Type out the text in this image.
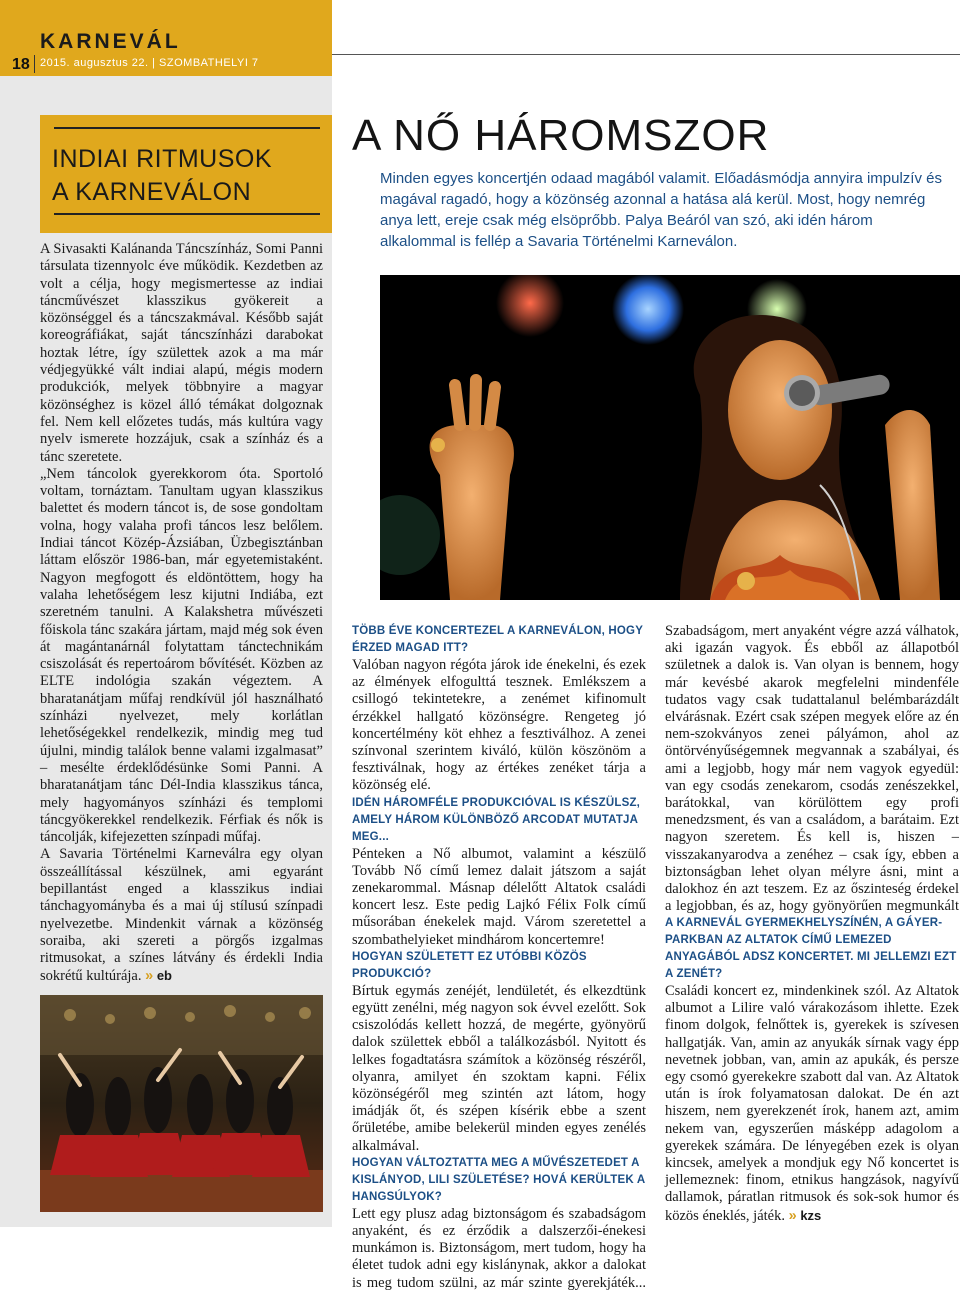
KARNEVÁL
18 2015. augusztus 22. | SZOMBATHELYI 7
INDIAI RITMUSOK
A KARNEVÁLON

A Sivasakti Kalánanda Táncszínház, Somi Panni társulata tizennyolc éve működik. Kezdetben az volt a célja, hogy megismertesse az indiai táncművészet klasszikus gyökereit a közönséggel és a táncszakmával. Később saját koreográfiákat, saját táncszínházi darabokat hoztak létre, így születtek azok a ma már védjegyükké vált indiai alapú, mégis modern produkciók, melyek többnyire a magyar közönséghez is közel álló témákat dolgoznak fel. Nem kell előzetes tudás, más kultúra vagy nyelv ismerete hozzájuk, csak a színház és a tánc szeretete.

„Nem táncolok gyerekkorom óta. Sportoló voltam, tornáztam. Tanultam ugyan klasszikus balettet és modern táncot is, de sose gondoltam volna, hogy valaha profi táncos lesz belőlem. Indiai táncot Közép-Ázsiában, Üzbegisztánban láttam először 1986-ban, már egyetemistaként. Nagyon megfogott és eldöntöttem, hogy ha valaha lehetőségem lesz kijutni Indiába, ezt szeretném tanulni. A Kalakshetra művészeti főiskola tánc szakára jártam, majd még sok éven át magántanárnál folytattam tánctechnikám csiszolását és repertoárom bővítését. Közben az ELTE indológia szakán végeztem. A bharatanátjam műfaj rendkívül jól használható színházi nyelvezet, mely korlátlan lehetőségekkel rendelkezik, mindig meg tud újulni, mindig találok benne valami izgalmasat” – mesélte érdeklődésünke Somi Panni. A bharatanátjam tánc Dél-India klasszikus tánca, mely hagyományos színházi és templomi táncgyökerekkel rendelkezik. Férfiak és nők is táncolják, kifejezetten színpadi műfaj.

A Savaria Történelmi Karneválra egy olyan összeállítással készülnek, ami egyaránt bepillantást enged a klasszikus indiai tánchagyományba és a mai új stílusú színpadi nyelvezetbe. Mindenkit várnak a közönség soraiba, aki szereti a pörgős izgalmas ritmusokat, a színes látvány és érdekli India sokrétű kultúrája. » eb

A NŐ HÁROMSZOR
Minden egyes koncertjén odaad magából valamit. Előadásmódja annyira impulzív és magával ragadó, hogy a közönség azonnal a hatása alá kerül. Most, hogy nemrég anya lett, ereje csak még elsöprőbb. Palya Beáról van szó, aki idén három alkalommal is fellép a Savaria Történelmi Karneválon.

TÖBB ÉVE KONCERTEZEL A KARNEVÁLON, HOGY ÉRZED MAGAD ITT?

Valóban nagyon régóta járok ide énekelni, és ezek az élmények elfogulttá tesznek. Emlékszem a csillogó tekintetekre, a zenémet kifinomult érzékkel hallgató közönségre. Rengeteg jó koncertélmény köt ehhez a fesztiválhoz. A zenei színvonal szerintem kiváló, külön köszönöm a fesztiválnak, hogy az értékes zenéket tárja a közönség elé.

IDÉN HÁROMFÉLE PRODUKCIÓVAL IS KÉSZÜLSZ, AMELY HÁROM KÜLÖNBÖZŐ ARCODAT MUTATJA MEG...

Pénteken a Nő albumot, valamint a készülő Tovább Nő című lemez dalait játszom a saját zenekarommal. Másnap délelőtt Altatok családi koncert lesz. Este pedig Lajkó Félix Folk című műsorában énekelek majd. Várom szeretettel a szombathelyieket mindhárom koncertemre!

HOGYAN SZÜLETETT EZ UTÓBBI KÖZÖS PRODUKCIÓ?

Bírtuk egymás zenéjét, lendületét, és elkezdtünk együtt zenélni, még nagyon sok évvel ezelőtt. Sok csiszolódás kellett hozzá, de megérte, gyönyörű dalok születtek ebből a találkozásból. Nyitott és lelkes fogadtatásra számítok a közönség részéről, olyanra, amilyet én szoktam kapni. Félix közönségéről meg szintén azt látom, hogy imádják őt, és szépen kísérik ebbe a szent őrületébe, amibe belekerül minden egyes zenélés alkalmával.

HOGYAN VÁLTOZTATTA MEG A MŰVÉSZETEDET A KISLÁNYOD, LILI SZÜLETÉSE? HOVÁ KERÜLTEK A HANGSÚLYOK?

Lett egy plusz adag biztonságom és szabadságom anyaként, és ez érződik a dalszerzői-énekesi munkámon is. Biztonságom, mert tudom, hogy ha életet tudok adni egy kislánynak, akkor a dalokat is meg tudom szülni, az már szinte gyerekjáték...

Szabadságom, mert anyaként végre azzá válhatok, aki igazán vagyok. És ebből az állapotból születnek a dalok is. Van olyan is bennem, hogy már kevésbé akarok megfelelni mindenféle tudatos vagy csak tudattalanul belémbarázdált elvárásnak. Ezért csak szépen megyek előre az én nem-szokványos zenei pályámon, ahol az öntörvényűségemnek megvannak a szabályai, és ami a legjobb, hogy már nem vagyok egyedül: van egy csodás zenekarom, csodás zenészekkel, barátokkal, van körülöttem egy profi menedzsment, és van a családom, a barátaim. Ezt nagyon szeretem. És kell is, hiszen – visszakanyarodva a zenéhez – csak így, ebben a biztonságban lehet olyan mélyre ásni, mint a dalokhoz én azt teszem. Ez az őszinteség érdekel a legjobban, és az, hogy gyönyörűen megmunkált

A KARNEVÁL GYERMEKHELYSZÍNÉN, A GÁYER-PARKBAN AZ ALTATOK CÍMŰ LEMEZED ANYAGÁBÓL ADSZ KONCERTET. MI JELLEMZI EZT A ZENÉT?

Családi koncert ez, mindenkinek szól. Az Altatok albumot a Lilire való várakozásom ihlette. Ezek finom dolgok, felnőttek is, gyerekek is szívesen hallgatják. Van, amin az anyukák sírnak vagy épp nevetnek jobban, van, amin az apukák, és persze egy csomó gyerekekre szabott dal van. Az Altatok után is írok folyamatosan dalokat. De én azt hiszem, nem gyerekzenét írok, hanem azt, amim nekem van, egyszerűen másképp adagolom a gyerekek számára. De lényegében ezek is olyan kincsek, amelyek a mondjuk egy Nő koncertet is jellemeznek: finom, etnikus hangzások, nagyívű dallamok, páratlan ritmusok és sok-sok humor és közös éneklés, játék. » kzs
